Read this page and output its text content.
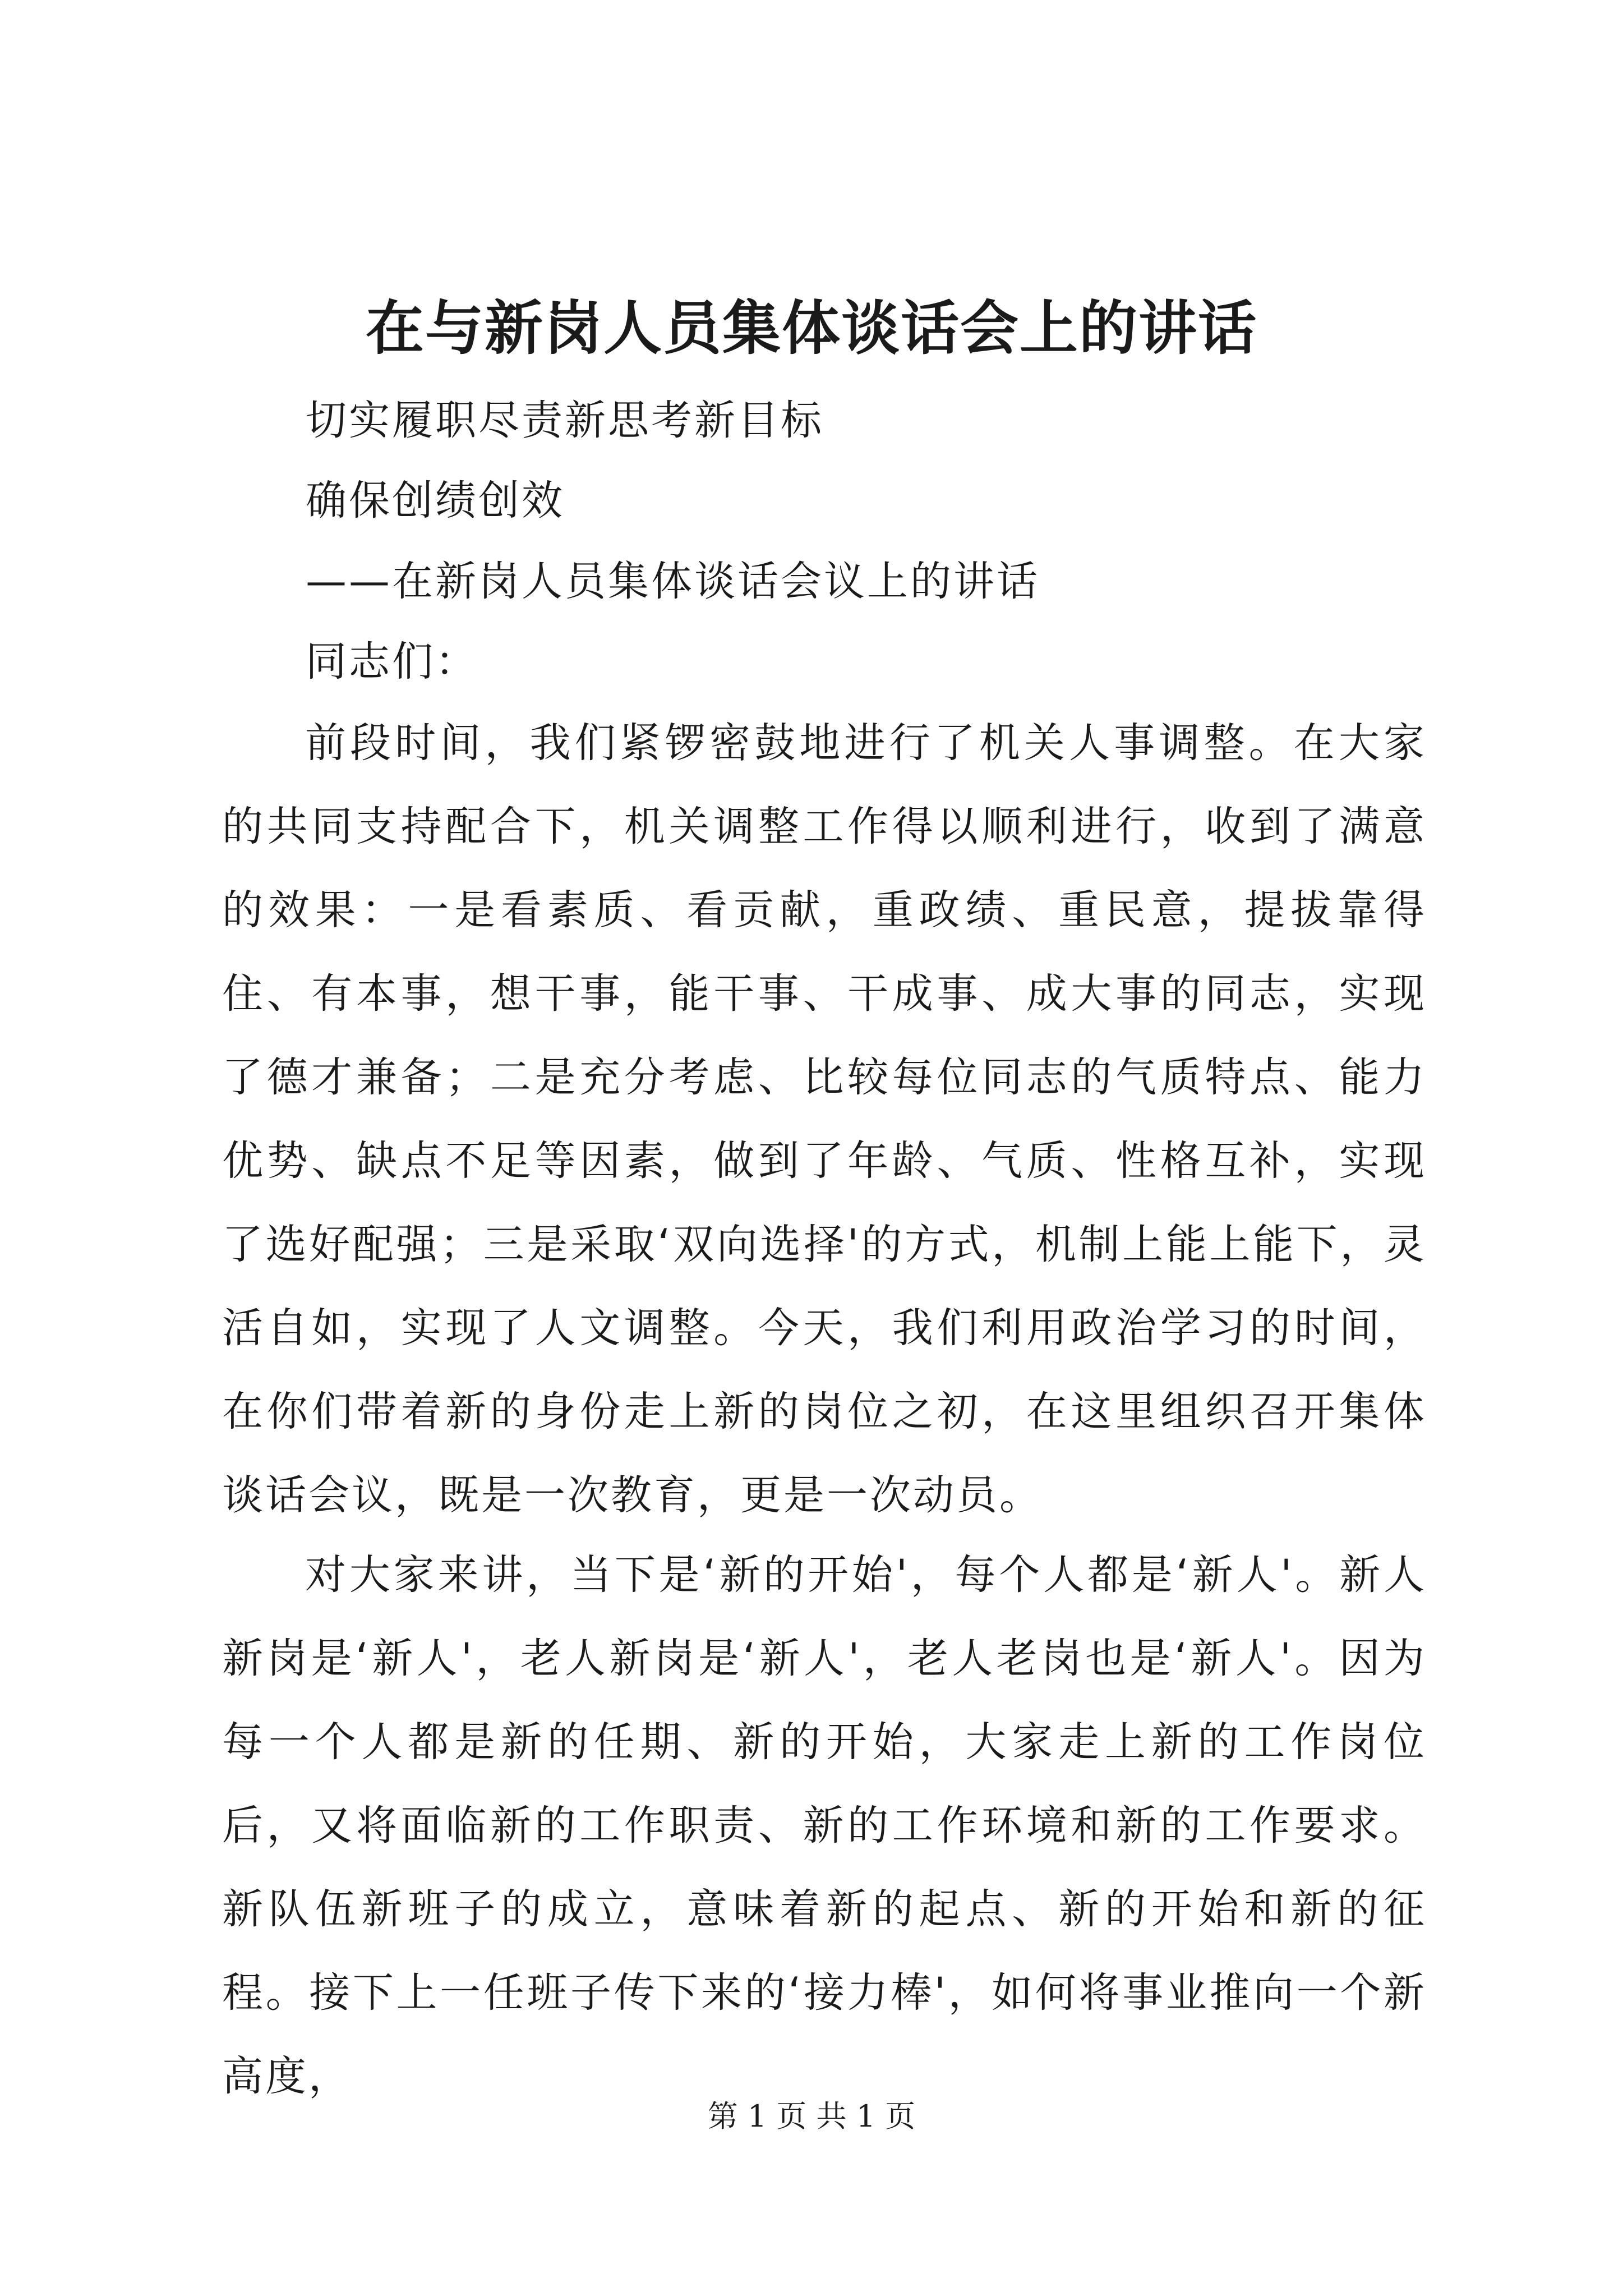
在与新岗人员集体谈话会上的讲话

切实履职尽责新思考新目标

确保创绩创效

——在新岗人员集体谈话会议上的讲话

同志们：

前段时间，我们紧锣密鼓地进行了机关人事调整。在大家的共同支持配合下，机关调整工作得以顺利进行，收到了满意的效果：一是看素质、看贡献，重政绩、重民意，提拔靠得住、有本事，想干事，能干事、干成事、成大事的同志，实现了德才兼备；二是充分考虑、比较每位同志的气质特点、能力优势、缺点不足等因素，做到了年龄、气质、性格互补，实现了选好配强；三是采取‘双向选择'的方式，机制上能上能下，灵活自如，实现了人文调整。今天，我们利用政治学习的时间，在你们带着新的身份走上新的岗位之初，在这里组织召开集体谈话会议，既是一次教育，更是一次动员。

对大家来讲，当下是‘新的开始'，每个人都是‘新人'。新人新岗是‘新人'，老人新岗是‘新人'，老人老岗也是‘新人'。因为每一个人都是新的任期、新的开始，大家走上新的工作岗位后，又将面临新的工作职责、新的工作环境和新的工作要求。新队伍新班子的成立，意味着新的起点、新的开始和新的征程。接下上一任班子传下来的‘接力棒'，如何将事业推向一个新高度，

第 1 页 共 1 页
